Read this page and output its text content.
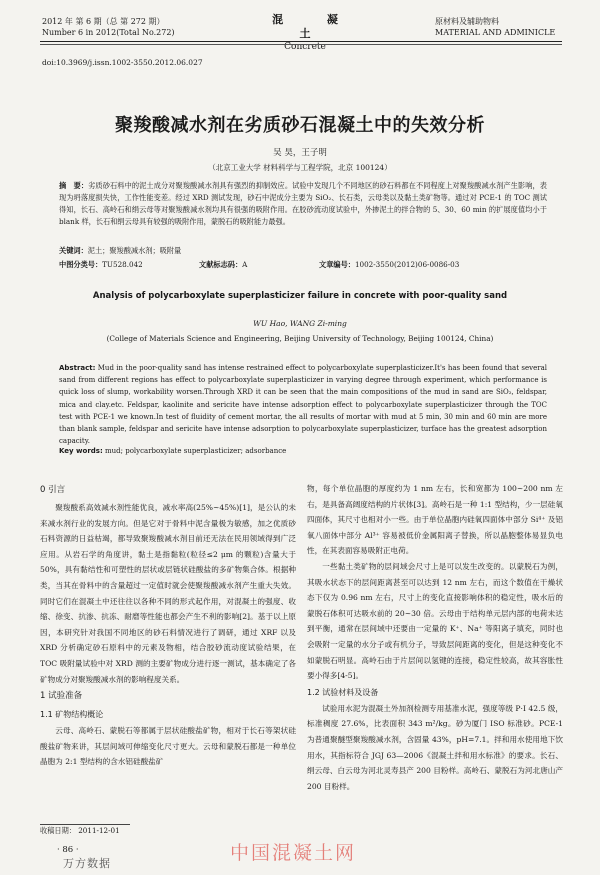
2012 年 第 6 期（总 第 272 期）
Number 6 in 2012(Total No.272)
混 凝 土
Concrete
原材料及辅助物料
MATERIAL AND ADMINICLE
doi:10.3969/j.issn.1002-3550.2012.06.027
聚羧酸减水剂在劣质砂石混凝土中的失效分析
吴 昊，王子明
（北京工业大学 材料科学与工程学院，北京 100124）
摘　要：劣质砂石料中的泥土成分对聚羧酸减水剂具有强烈的抑制效应。试验中发现几个不同地区的砂石料都在不同程度上对聚羧酸减水剂产生影响，表现为坍落度损失快，工作性能变差。经过 XRD 测试发现，砂石中泥成分主要为 SiO₂、长石类，云母类以及黏土类矿物等。通过对 PCE-1 的 TOC 测试得知，长石、高岭石和绢云母等对聚羧酸减水剂均具有很强的吸附作用。在胶砂流动度试验中，外掺泥土的拌合物的 5、30、60 min 的扩展度值均小于 blank 样，长石和绢云母具有较强的吸附作用，蒙脱石的吸附能力最强。
关键词：泥土；聚羧酸减水剂；吸附量
中图分类号：TU528.042	文献标志码：A	文章编号：1002-3550(2012)06-0086-03
Analysis of polycarboxylate superplasticizer failure in concrete with poor-quality sand
WU Hao, WANG Zi-ming
(College of Materials Science and Engineering, Beijing University of Technology, Beijing 100124, China)
Abstract: Mud in the poor-quality sand has intense restrained effect to polycarboxylate superplasticizer.It's has been found that several sand from different regions has effect to polycarboxylate superplasticizer in varying degree through experiment, which performance is quick loss of slump, workability worsen.Through XRD it can be seen that the main compositions of the mud in sand are SiO₂, feldspar, mica and clay.etc. Feldspar, kaolinite and sericite have intense adsorption effect to polycarboxylate superplasticizer through the TOC test with PCE-1 we known.In test of fluidity of cement mortar, the all results of mortar with mud at 5 min, 30 min and 60 min are more than blank sample, feldspar and sericite have intense adsorption to polycarboxylate superplasticizer, turface has the greatest adsorption capacity.
Key words: mud; polycarboxylate superplasticizer; adsorbance
0 引言
聚羧酸系高效减水剂性能优良，减水率高(25%~45%)[1]，是公认的未来减水剂行业的发展方向。但是它对于骨料中泥含量极为敏感，加之优质砂石料资源的日益枯竭，都导致聚羧酸减水剂目前还无法在民用领域得到广泛应用。从岩石学的角度讲，黏土是指黏粒(粒径≤2 μm 的颗粒)含量大于 50%，具有黏结性和可塑性的层状或层链状硅酸盐的多矿物集合体。根据种类，当其在骨料中的含量超过一定值时就会使聚羧酸减水剂产生重大失效。同时它们在混凝土中还往往以各种不同的形式起作用，对混凝土的强度、收缩、徐变、抗渗、抗冻、耐磨等性能也都会产生不利的影响[2]。基于以上原因，本研究针对我国不同地区的砂石料情况进行了调研，通过 XRF 以及 XRD 分析确定砂石原料中的元素及物相，结合胶砂流动度试验结果，在 TOC 吸附量试验中对 XRD 测的主要矿物成分进行逐一测试，基本确定了各矿物成分对聚羧酸减水剂的影响程度关系。
1 试验准备
1.1 矿物结构概论
云母、高岭石、蒙脱石等都属于层状硅酸盐矿物，相对于长石等架状硅酸盐矿物来讲，其层间域可伸缩变化尺寸更大。云母和蒙脱石都是一种单位晶胞为 2:1 型结构的含水铝硅酸盐矿
物，每个单位晶胞的厚度约为 1 nm 左右，长和宽都为 100~200 nm 左右，是具备高阔度结构的片状体[3]。高岭石是一种 1:1 型结构，少一层硅氧四面体，其尺寸也相对小一些。由于单位晶胞内硅氧四面体中部分 Si⁴⁺ 及铝氧八面体中部分 Al³⁺ 容易被低价金属阳离子替换，所以晶胞整体易显负电性，在其表面容易吸附正电荷。
一些黏土类矿物的层间域会尺寸上是可以发生改变的。以蒙脱石为例，其吸水状态下的层间距离甚至可以达到 12 nm 左右，而这个数值在干燥状态下仅为 0.96 nm 左右，尺寸上的变化直接影响体积的稳定性，吸水后的蒙脱石体积可达吸水前的 20~30 倍。云母由于结构单元层内部的电荷未达到平衡，通常在层间域中还要由一定量的 K⁺、Na⁺ 等阳离子填充，同时也会吸附一定量的水分子或有机分子，导致层间距离的变化，但是这种变化不如蒙脱石明显。高岭石由于片层间以氢键的连接，稳定性较高，故其容胀性要小得多[4-5]。
1.2 试验材料及设备
试验用水泥为混凝土外加剂检测专用基准水泥，强度等级 P·I 42.5 级，标准稠度 27.6%，比表面积 343 m²/kg。砂为厦门 ISO 标准砂。PCE-1 为普通聚醚型聚羧酸减水剂，含固量 43%，pH=7.1。拌和用水使用地下饮用水，其指标符合 JGJ 63—2006《混凝土拌和用水标准》的要求。长石、绢云母、白云母为河北灵寿县产 200 目粉样。高岭石、蒙脱石为河北唐山产 200 目粉样。
收稿日期： 2011-12-01
· 86 ·	中国混凝土网
万方数据
